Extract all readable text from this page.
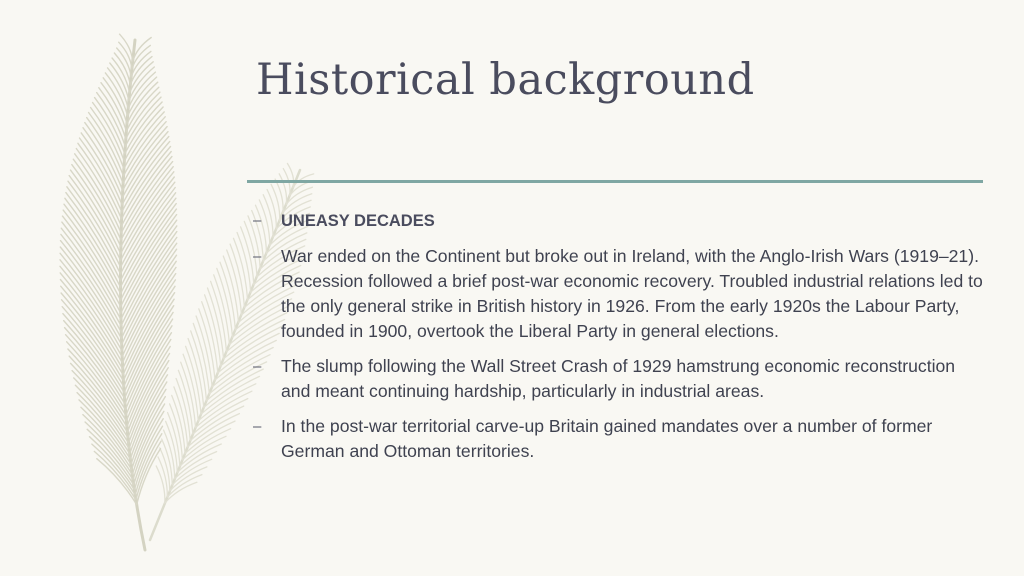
Historical background
– UNEASY DECADES
– War ended on the Continent but broke out in Ireland, with the Anglo-Irish Wars (1919–21). Recession followed a brief post-war economic recovery. Troubled industrial relations led to the only general strike in British history in 1926. From the early 1920s the Labour Party, founded in 1900, overtook the Liberal Party in general elections.
– The slump following the Wall Street Crash of 1929 hamstrung economic reconstruction and meant continuing hardship, particularly in industrial areas.
– In the post-war territorial carve-up Britain gained mandates over a number of former German and Ottoman territories.
